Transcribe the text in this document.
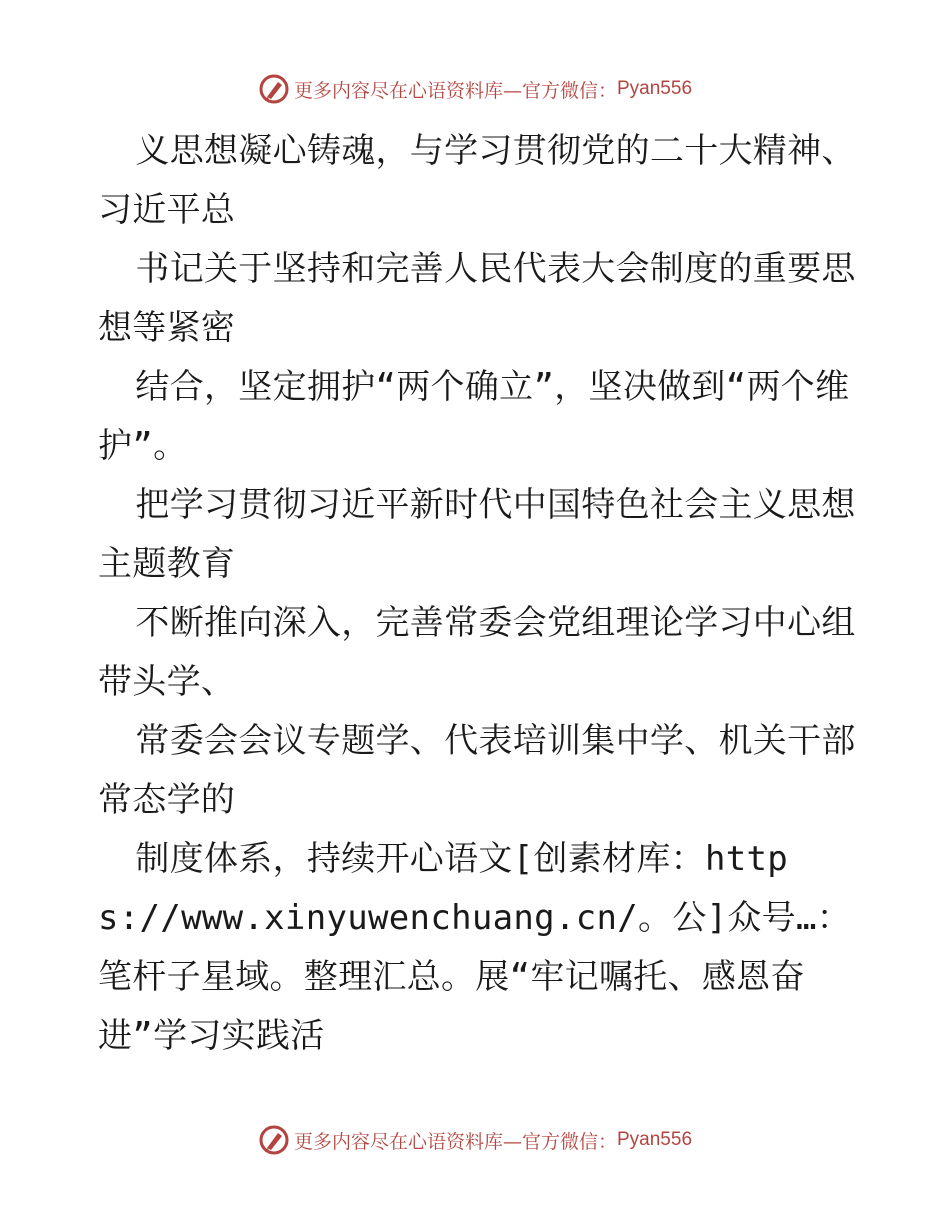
更多内容尽在心语资料库—官方微信： Pyan556

义思想凝心铸魂，与学习贯彻党的二十大精神、习近平总

书记关于坚持和完善人民代表大会制度的重要思想等紧密

结合，坚定拥护“两个确立”，坚决做到“两个维护”。

把学习贯彻习近平新时代中国特色社会主义思想主题教育

不断推向深入，完善常委会党组理论学习中心组带头学、

常委会会议专题学、代表培训集中学、机关干部常态学的

制度体系，持续开心语文[创素材库：https://www.xinyuwenchuang.cn/。公]众号…：笔杆子星域。整理汇总。展“牢记嘱托、感恩奋进”学习实践活

更多内容尽在心语资料库—官方微信： Pyan556
